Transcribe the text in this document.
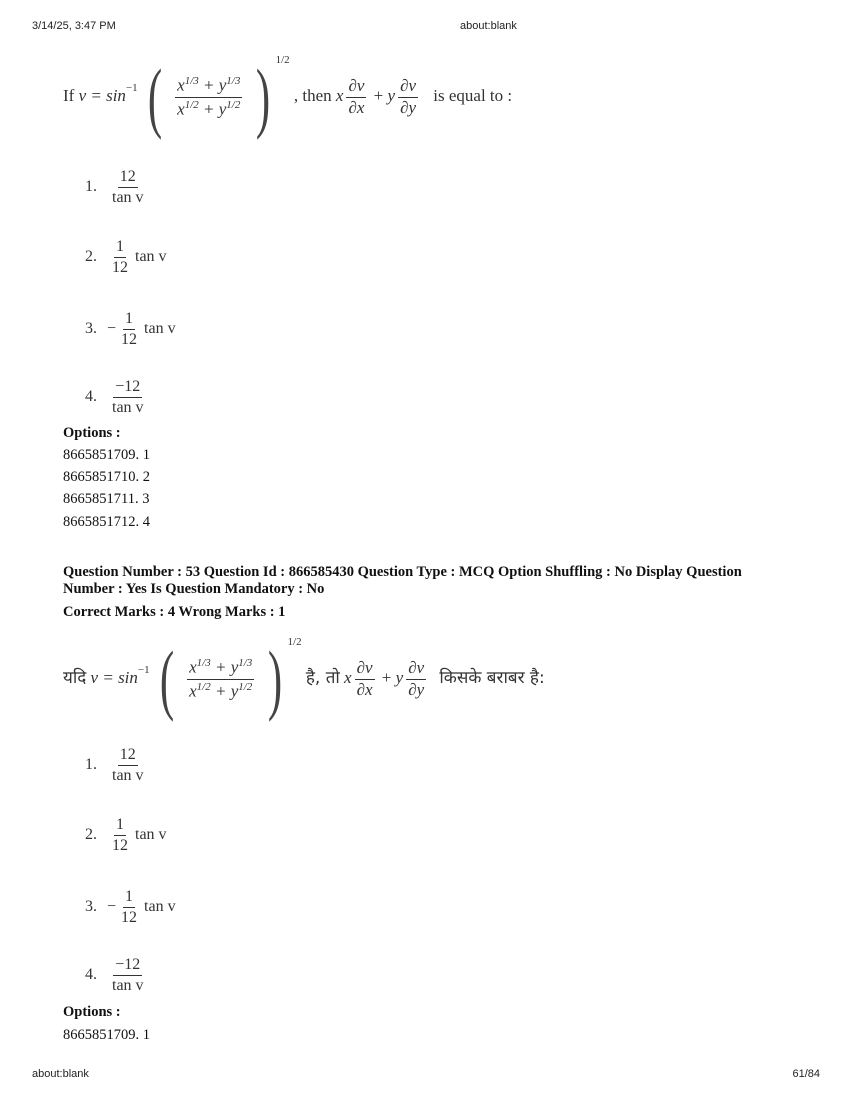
3/14/25, 3:47 PM	about:blank
If $v = \sin^{-1}$ ( $\frac{x^{1/3} + y^{1/3}}{x^{1/2} + y^{1/2}}$ ) $^{1/2}$ , then x $\frac{\partial v}{\partial x} + y \frac{\partial v}{\partial y}$ is equal to :
1. $\frac{12}{\text{tan v}}$
2. $\frac{1}{12}$ tan v
3. − $\frac{1}{12}$ tan v
4. $\frac{-12}{\text{tan v}}$
Options :
8665851709. 1
8665851710. 2
8665851711. 3
8665851712. 4
Question Number : 53 Question Id : 866585430 Question Type : MCQ Option Shuffling : No Display Question Number : Yes Is Question Mandatory : No
Correct Marks : 4 Wrong Marks : 1
यदि $v = \sin^{-1}$ ( $\frac{x^{1/3} + y^{1/3}}{x^{1/2} + y^{1/2}}$ ) $^{1/2}$ है, तो x $\frac{\partial v}{\partial x} + y \frac{\partial v}{\partial y}$ किसके बराबर है:
1. $\frac{12}{\text{tan v}}$
2. $\frac{1}{12}$ tan v
3. − $\frac{1}{12}$ tan v
4. $\frac{-12}{\text{tan v}}$
Options :
8665851709. 1
about:blank	61/84
